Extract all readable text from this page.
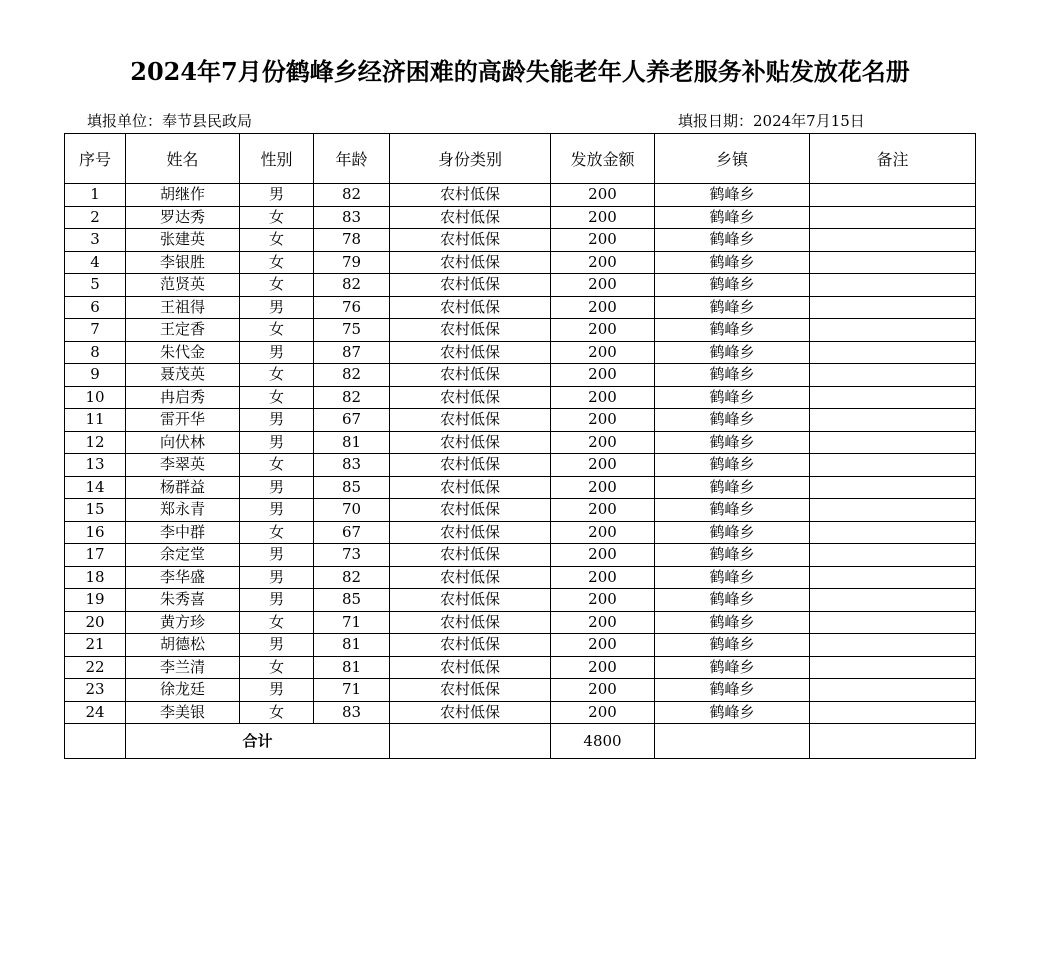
2024年7月份鹤峰乡经济困难的高龄失能老年人养老服务补贴发放花名册
填报单位：奉节县民政局	填报日期：2024年7月15日
序号	姓名	性别	年龄	身份类别	发放金额	乡镇	备注
1	胡继作	男	82	农村低保	200	鹤峰乡	
2	罗达秀	女	83	农村低保	200	鹤峰乡	
3	张建英	女	78	农村低保	200	鹤峰乡	
4	李银胜	女	79	农村低保	200	鹤峰乡	
5	范贤英	女	82	农村低保	200	鹤峰乡	
6	王祖得	男	76	农村低保	200	鹤峰乡	
7	王定香	女	75	农村低保	200	鹤峰乡	
8	朱代金	男	87	农村低保	200	鹤峰乡	
9	聂茂英	女	82	农村低保	200	鹤峰乡	
10	冉启秀	女	82	农村低保	200	鹤峰乡	
11	雷开华	男	67	农村低保	200	鹤峰乡	
12	向伏林	男	81	农村低保	200	鹤峰乡	
13	李翠英	女	83	农村低保	200	鹤峰乡	
14	杨群益	男	85	农村低保	200	鹤峰乡	
15	郑永青	男	70	农村低保	200	鹤峰乡	
16	李中群	女	67	农村低保	200	鹤峰乡	
17	余定堂	男	73	农村低保	200	鹤峰乡	
18	李华盛	男	82	农村低保	200	鹤峰乡	
19	朱秀喜	男	85	农村低保	200	鹤峰乡	
20	黄方珍	女	71	农村低保	200	鹤峰乡	
21	胡德松	男	81	农村低保	200	鹤峰乡	
22	李兰清	女	81	农村低保	200	鹤峰乡	
23	徐龙廷	男	71	农村低保	200	鹤峰乡	
24	李美银	女	83	农村低保	200	鹤峰乡	
	合计				4800		
